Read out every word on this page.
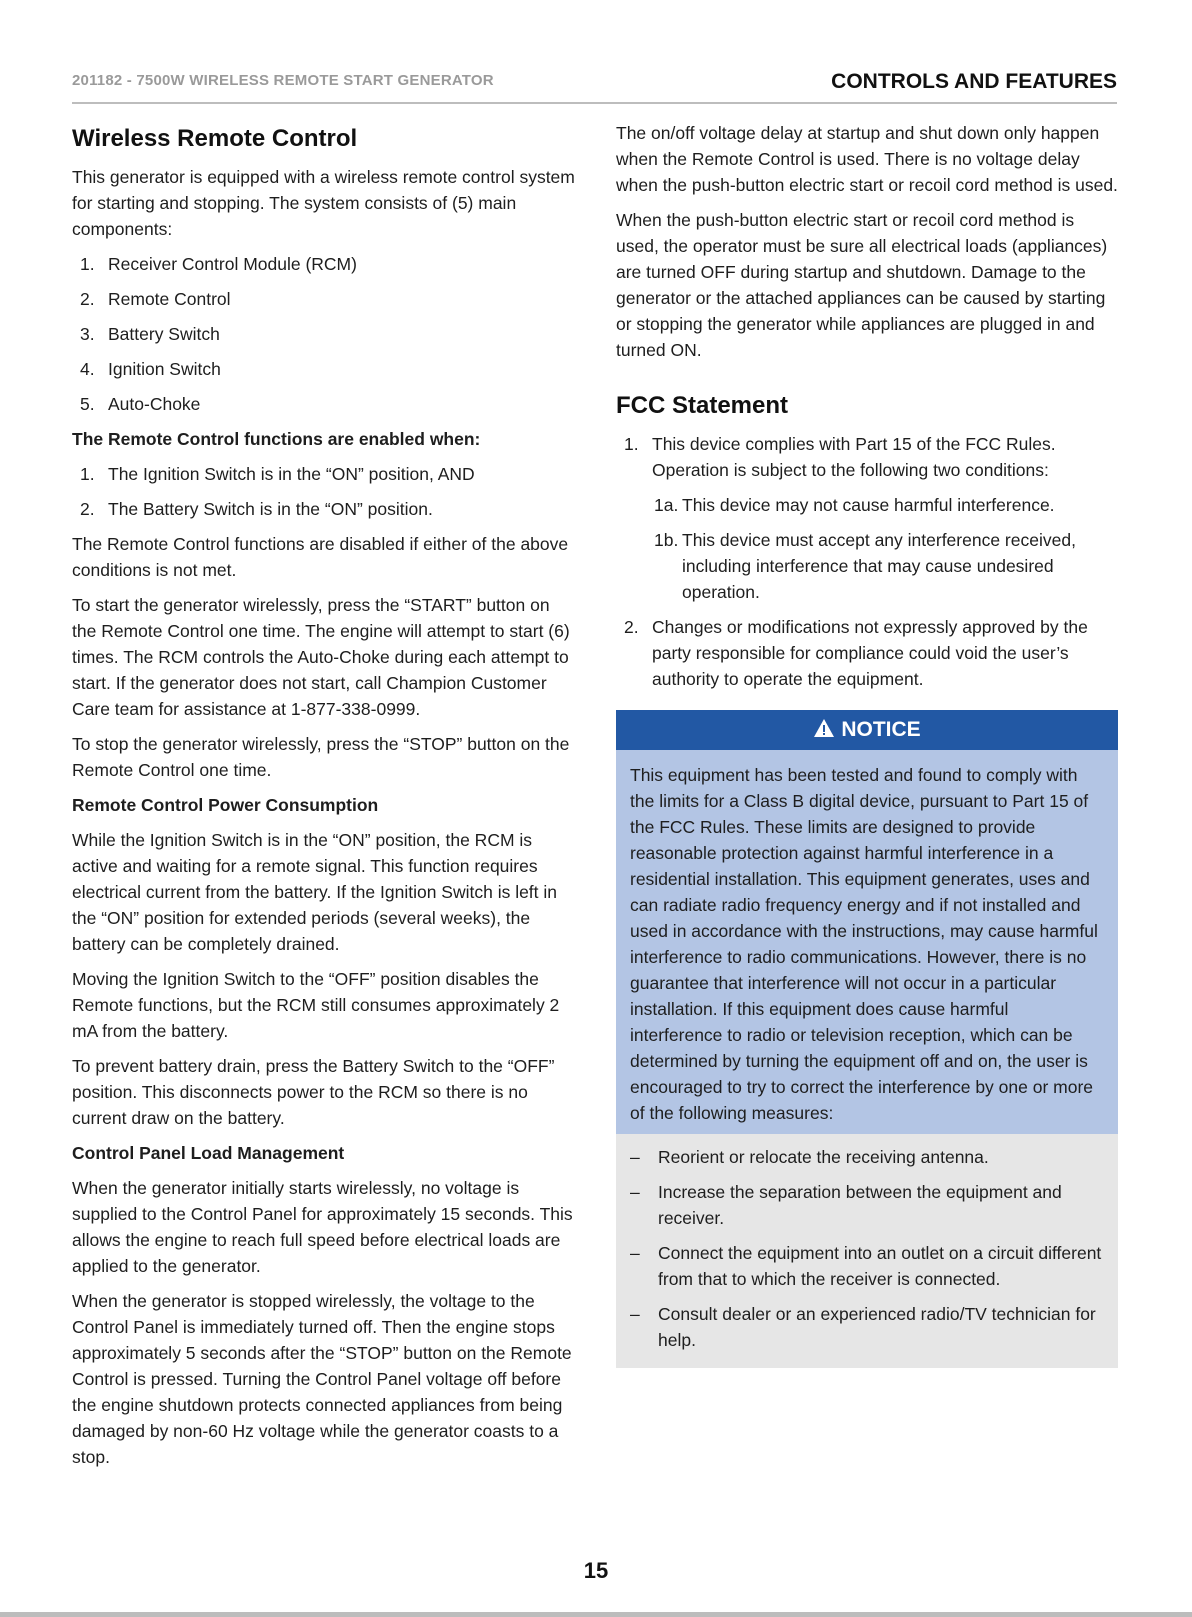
201182 - 7500W WIRELESS REMOTE START GENERATOR	CONTROLS AND FEATURES
Wireless Remote Control

This generator is equipped with a wireless remote control system for starting and stopping. The system consists of (5) main components:

1. Receiver Control Module (RCM)
2. Remote Control
3. Battery Switch
4. Ignition Switch
5. Auto-Choke
The Remote Control functions are enabled when:
1. The Ignition Switch is in the “ON” position, AND
2. The Battery Switch is in the “ON” position.

The Remote Control functions are disabled if either of the above conditions is not met.

To start the generator wirelessly, press the “START” button on the Remote Control one time. The engine will attempt to start (6) times. The RCM controls the Auto-Choke during each attempt to start. If the generator does not start, call Champion Customer Care team for assistance at 1-877-338-0999.

To stop the generator wirelessly, press the “STOP” button on the Remote Control one time.

Remote Control Power Consumption

While the Ignition Switch is in the “ON” position, the RCM is active and waiting for a remote signal. This function requires electrical current from the battery. If the Ignition Switch is left in the “ON” position for extended periods (several weeks), the battery can be completely drained.

Moving the Ignition Switch to the “OFF” position disables the Remote functions, but the RCM still consumes approximately 2 mA from the battery.

To prevent battery drain, press the Battery Switch to the “OFF” position. This disconnects power to the RCM so there is no current draw on the battery.

Control Panel Load Management

When the generator initially starts wirelessly, no voltage is supplied to the Control Panel for approximately 15 seconds. This allows the engine to reach full speed before electrical loads are applied to the generator.

When the generator is stopped wirelessly, the voltage to the Control Panel is immediately turned off. Then the engine stops approximately 5 seconds after the “STOP” button on the Remote Control is pressed. Turning the Control Panel voltage off before the engine shutdown protects connected appliances from being damaged by non-60 Hz voltage while the generator coasts to a stop.

The on/off voltage delay at startup and shut down only happen when the Remote Control is used. There is no voltage delay when the push-button electric start or recoil cord method is used.

When the push-button electric start or recoil cord method is used, the operator must be sure all electrical loads (appliances) are turned OFF during startup and shutdown. Damage to the generator or the attached appliances can be caused by starting or stopping the generator while appliances are plugged in and turned ON.

FCC Statement
1. This device complies with Part 15 of the FCC Rules. Operation is subject to the following two conditions:
1a. This device may not cause harmful interference.
1b. This device must accept any interference received, including interference that may cause undesired operation.
2. Changes or modifications not expressly approved by the party responsible for compliance could void the user’s authority to operate the equipment.
NOTICE
This equipment has been tested and found to comply with the limits for a Class B digital device, pursuant to Part 15 of the FCC Rules. These limits are designed to provide reasonable protection against harmful interference in a residential installation. This equipment generates, uses and can radiate radio frequency energy and if not installed and used in accordance with the instructions, may cause harmful interference to radio communications. However, there is no guarantee that interference will not occur in a particular installation. If this equipment does cause harmful interference to radio or television reception, which can be determined by turning the equipment off and on, the user is encouraged to try to correct the interference by one or more of the following measures:
– Reorient or relocate the receiving antenna.
– Increase the separation between the equipment and receiver.
– Connect the equipment into an outlet on a circuit different from that to which the receiver is connected.
– Consult dealer or an experienced radio/TV technician for help.
15
